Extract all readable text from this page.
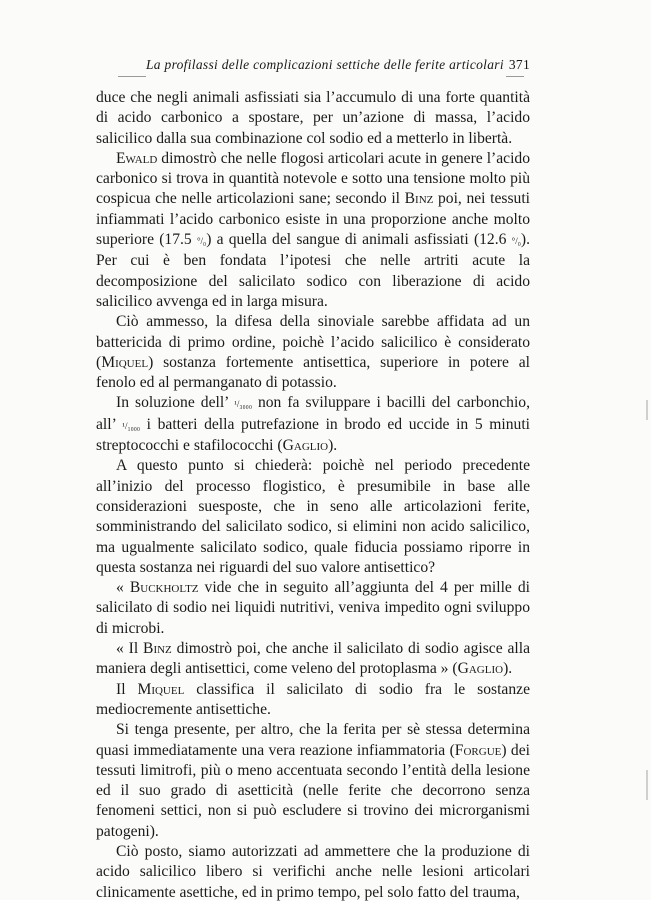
La profilassi delle complicazioni settiche delle ferite articolari 371

duce che negli animali asfissiati sia l’accumulo di una forte quantità di acido carbonico a spostare, per un’azione di massa, l’acido salicilico dalla sua combinazione col sodio ed a metterlo in libertà.

Ewald dimostrò che nelle flogosi articolari acute in genere l’acido carbonico si trova in quantità notevole e sotto una tensione molto più cospicua che nelle articolazioni sane; secondo il Binz poi, nei tessuti infiammati l’acido carbonico esiste in una proporzione anche molto superiore (17.5 °/₀) a quella del sangue di animali asfissiati (12.6 °/₀). Per cui è ben fondata l’ipotesi che nelle artriti acute la decomposizione del salicilato sodico con liberazione di acido salicilico avvenga ed in larga misura.

Ciò ammesso, la difesa della sinoviale sarebbe affidata ad un battericida di primo ordine, poichè l’acido salicilico è considerato (Miquel) sostanza fortemente antisettica, superiore in potere al fenolo ed al permanganato di potassio.

In soluzione dell’ ¹/₃₀₀₀ non fa sviluppare i bacilli del carbonchio, all’ ¹/₁₀₀₀ i batteri della putrefazione in brodo ed uccide in 5 minuti streptococchi e stafilococchi (Gaglio).

A questo punto si chiederà: poichè nel periodo precedente all’inizio del processo flogistico, è presumibile in base alle considerazioni suesposte, che in seno alle articolazioni ferite, somministrando del salicilato sodico, si elimini non acido salicilico, ma ugualmente salicilato sodico, quale fiducia possiamo riporre in questa sostanza nei riguardi del suo valore antisettico?

« Buckholtz vide che in seguito all’aggiunta del 4 per mille di salicilato di sodio nei liquidi nutritivi, veniva impedito ogni sviluppo di microbi.

« Il Binz dimostrò poi, che anche il salicilato di sodio agisce alla maniera degli antisettici, come veleno del protoplasma » (Gaglio).

Il Miquel classifica il salicilato di sodio fra le sostanze mediocremente antisettiche.

Si tenga presente, per altro, che la ferita per sè stessa determina quasi immediatamente una vera reazione infiammatoria (Forgue) dei tessuti limitrofi, più o meno accentuata secondo l’entità della lesione ed il suo grado di asetticità (nelle ferite che decorrono senza fenomeni settici, non si può escludere si trovino dei microrganismi patogeni).

Ciò posto, siamo autorizzati ad ammettere che la produzione di acido salicilico libero si verifichi anche nelle lesioni articolari clinicamente asettiche, ed in primo tempo, pel solo fatto del trauma,
